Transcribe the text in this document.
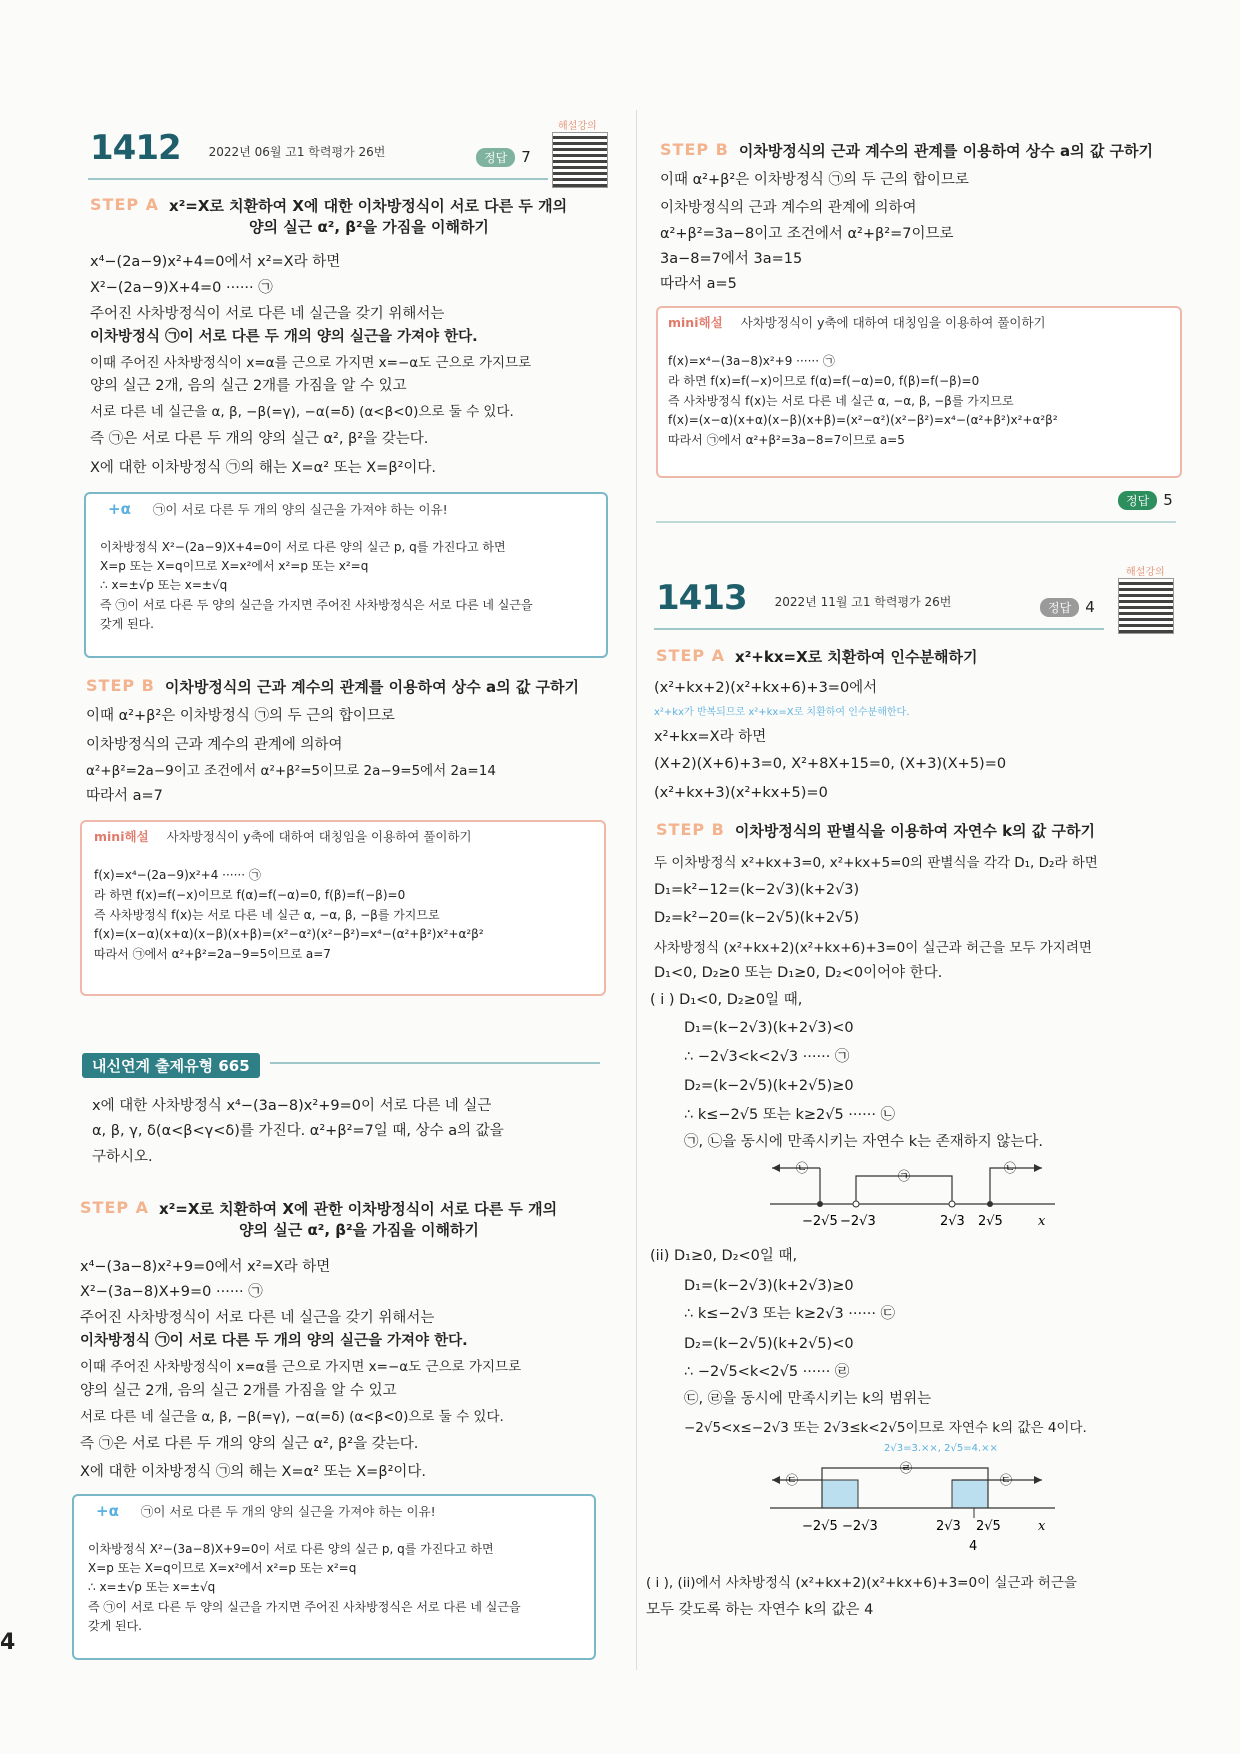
4
해설강의
1412 2022년 06월 고1 학력평가 26번	정답 7
STEP A x²=X로 치환하여 X에 대한 이차방정식이 서로 다른 두 개의
양의 실근 α², β²을 가짐을 이해하기
x⁴−(2a−9)x²+4=0에서 x²=X라 하면
X²−(2a−9)X+4=0 ······ ㉠
주어진 사차방정식이 서로 다른 네 실근을 갖기 위해서는
이차방정식 ㉠이 서로 다른 두 개의 양의 실근을 가져야 한다.
이때 주어진 사차방정식이 x=α를 근으로 가지면 x=−α도 근으로 가지므로
양의 실근 2개, 음의 실근 2개를 가짐을 알 수 있고
서로 다른 네 실근을 α, β, −β(=γ), −α(=δ) (α<β<0)으로 둘 수 있다.
즉 ㉠은 서로 다른 두 개의 양의 실근 α², β²을 갖는다.
X에 대한 이차방정식 ㉠의 해는 X=α² 또는 X=β²이다.
+α ㉠이 서로 다른 두 개의 양의 실근을 가져야 하는 이유!
이차방정식 X²−(2a−9)X+4=0이 서로 다른 양의 실근 p, q를 가진다고 하면
X=p 또는 X=q이므로 X=x²에서 x²=p 또는 x²=q
∴ x=±√p 또는 x=±√q
즉 ㉠이 서로 다른 두 양의 실근을 가지면 주어진 사차방정식은 서로 다른 네 실근을
갖게 된다.
STEP B 이차방정식의 근과 계수의 관계를 이용하여 상수 a의 값 구하기
이때 α²+β²은 이차방정식 ㉠의 두 근의 합이므로
이차방정식의 근과 계수의 관계에 의하여
α²+β²=2a−9이고 조건에서 α²+β²=5이므로 2a−9=5에서 2a=14
따라서 a=7
mini해설 사차방정식이 y축에 대하여 대칭임을 이용하여 풀이하기
f(x)=x⁴−(2a−9)x²+4 ······ ㉠
라 하면 f(x)=f(−x)이므로 f(α)=f(−α)=0, f(β)=f(−β)=0
즉 사차방정식 f(x)는 서로 다른 네 실근 α, −α, β, −β를 가지므로
f(x)=(x−α)(x+α)(x−β)(x+β)=(x²−α²)(x²−β²)=x⁴−(α²+β²)x²+α²β²
따라서 ㉠에서 α²+β²=2a−9=5이므로 a=7
내신연계 출제유형 665
x에 대한 사차방정식 x⁴−(3a−8)x²+9=0이 서로 다른 네 실근
α, β, γ, δ(α<β<γ<δ)를 가진다. α²+β²=7일 때, 상수 a의 값을
구하시오.
STEP A x²=X로 치환하여 X에 관한 이차방정식이 서로 다른 두 개의
양의 실근 α², β²을 가짐을 이해하기
x⁴−(3a−8)x²+9=0에서 x²=X라 하면
X²−(3a−8)X+9=0 ······ ㉠
주어진 사차방정식이 서로 다른 네 실근을 갖기 위해서는
이차방정식 ㉠이 서로 다른 두 개의 양의 실근을 가져야 한다.
이때 주어진 사차방정식이 x=α를 근으로 가지면 x=−α도 근으로 가지므로
양의 실근 2개, 음의 실근 2개를 가짐을 알 수 있고
서로 다른 네 실근을 α, β, −β(=γ), −α(=δ) (α<β<0)으로 둘 수 있다.
즉 ㉠은 서로 다른 두 개의 양의 실근 α², β²을 갖는다.
X에 대한 이차방정식 ㉠의 해는 X=α² 또는 X=β²이다.
+α ㉠이 서로 다른 두 개의 양의 실근을 가져야 하는 이유!
이차방정식 X²−(3a−8)X+9=0이 서로 다른 양의 실근 p, q를 가진다고 하면
X=p 또는 X=q이므로 X=x²에서 x²=p 또는 x²=q
∴ x=±√p 또는 x=±√q
즉 ㉠이 서로 다른 두 양의 실근을 가지면 주어진 사차방정식은 서로 다른 네 실근을
갖게 된다.
STEP B 이차방정식의 근과 계수의 관계를 이용하여 상수 a의 값 구하기
이때 α²+β²은 이차방정식 ㉠의 두 근의 합이므로
이차방정식의 근과 계수의 관계에 의하여
α²+β²=3a−8이고 조건에서 α²+β²=7이므로
3a−8=7에서 3a=15
따라서 a=5
mini해설 사차방정식이 y축에 대하여 대칭임을 이용하여 풀이하기
f(x)=x⁴−(3a−8)x²+9 ······ ㉠
라 하면 f(x)=f(−x)이므로 f(α)=f(−α)=0, f(β)=f(−β)=0
즉 사차방정식 f(x)는 서로 다른 네 실근 α, −α, β, −β를 가지므로
f(x)=(x−α)(x+α)(x−β)(x+β)=(x²−α²)(x²−β²)=x⁴−(α²+β²)x²+α²β²
따라서 ㉠에서 α²+β²=3a−8=7이므로 a=5
정답 5
해설강의
1413 2022년 11월 고1 학력평가 26번	정답 4
STEP A x²+kx=X로 치환하여 인수분해하기
(x²+kx+2)(x²+kx+6)+3=0에서
x²+kx가 반복되므로 x²+kx=X로 치환하여 인수분해한다.
x²+kx=X라 하면
(X+2)(X+6)+3=0, X²+8X+15=0, (X+3)(X+5)=0
(x²+kx+3)(x²+kx+5)=0
STEP B 이차방정식의 판별식을 이용하여 자연수 k의 값 구하기
두 이차방정식 x²+kx+3=0, x²+kx+5=0의 판별식을 각각 D₁, D₂라 하면
D₁=k²−12=(k−2√3)(k+2√3)
D₂=k²−20=(k−2√5)(k+2√5)
사차방정식 (x²+kx+2)(x²+kx+6)+3=0이 실근과 허근을 모두 가지려면
D₁<0, D₂≥0 또는 D₁≥0, D₂<0이어야 한다.
( i ) D₁<0, D₂≥0일 때,
D₁=(k−2√3)(k+2√3)<0
∴ −2√3<k<2√3 ······ ㉠
D₂=(k−2√5)(k+2√5)≥0
∴ k≤−2√5 또는 k≥2√5 ······ ㉡
㉠, ㉡을 동시에 만족시키는 자연수 k는 존재하지 않는다.
㉡
㉠
㉡
−2√5 −2√3	2√3 2√5	x
(ii) D₁≥0, D₂<0일 때,
D₁=(k−2√3)(k+2√3)≥0
∴ k≤−2√3 또는 k≥2√3 ······ ㉢
D₂=(k−2√5)(k+2√5)<0
∴ −2√5<k<2√5 ······ ㉣
㉢, ㉣을 동시에 만족시키는 k의 범위는
−2√5<x≤−2√3 또는 2√3≤k<2√5이므로 자연수 k의 값은 4이다.
2√3=3.××, 2√5=4.××
㉢
㉣
㉢
−2√5 −2√3	2√3 2√5	x
4
( i ), (ii)에서 사차방정식 (x²+kx+2)(x²+kx+6)+3=0이 실근과 허근을
모두 갖도록 하는 자연수 k의 값은 4
